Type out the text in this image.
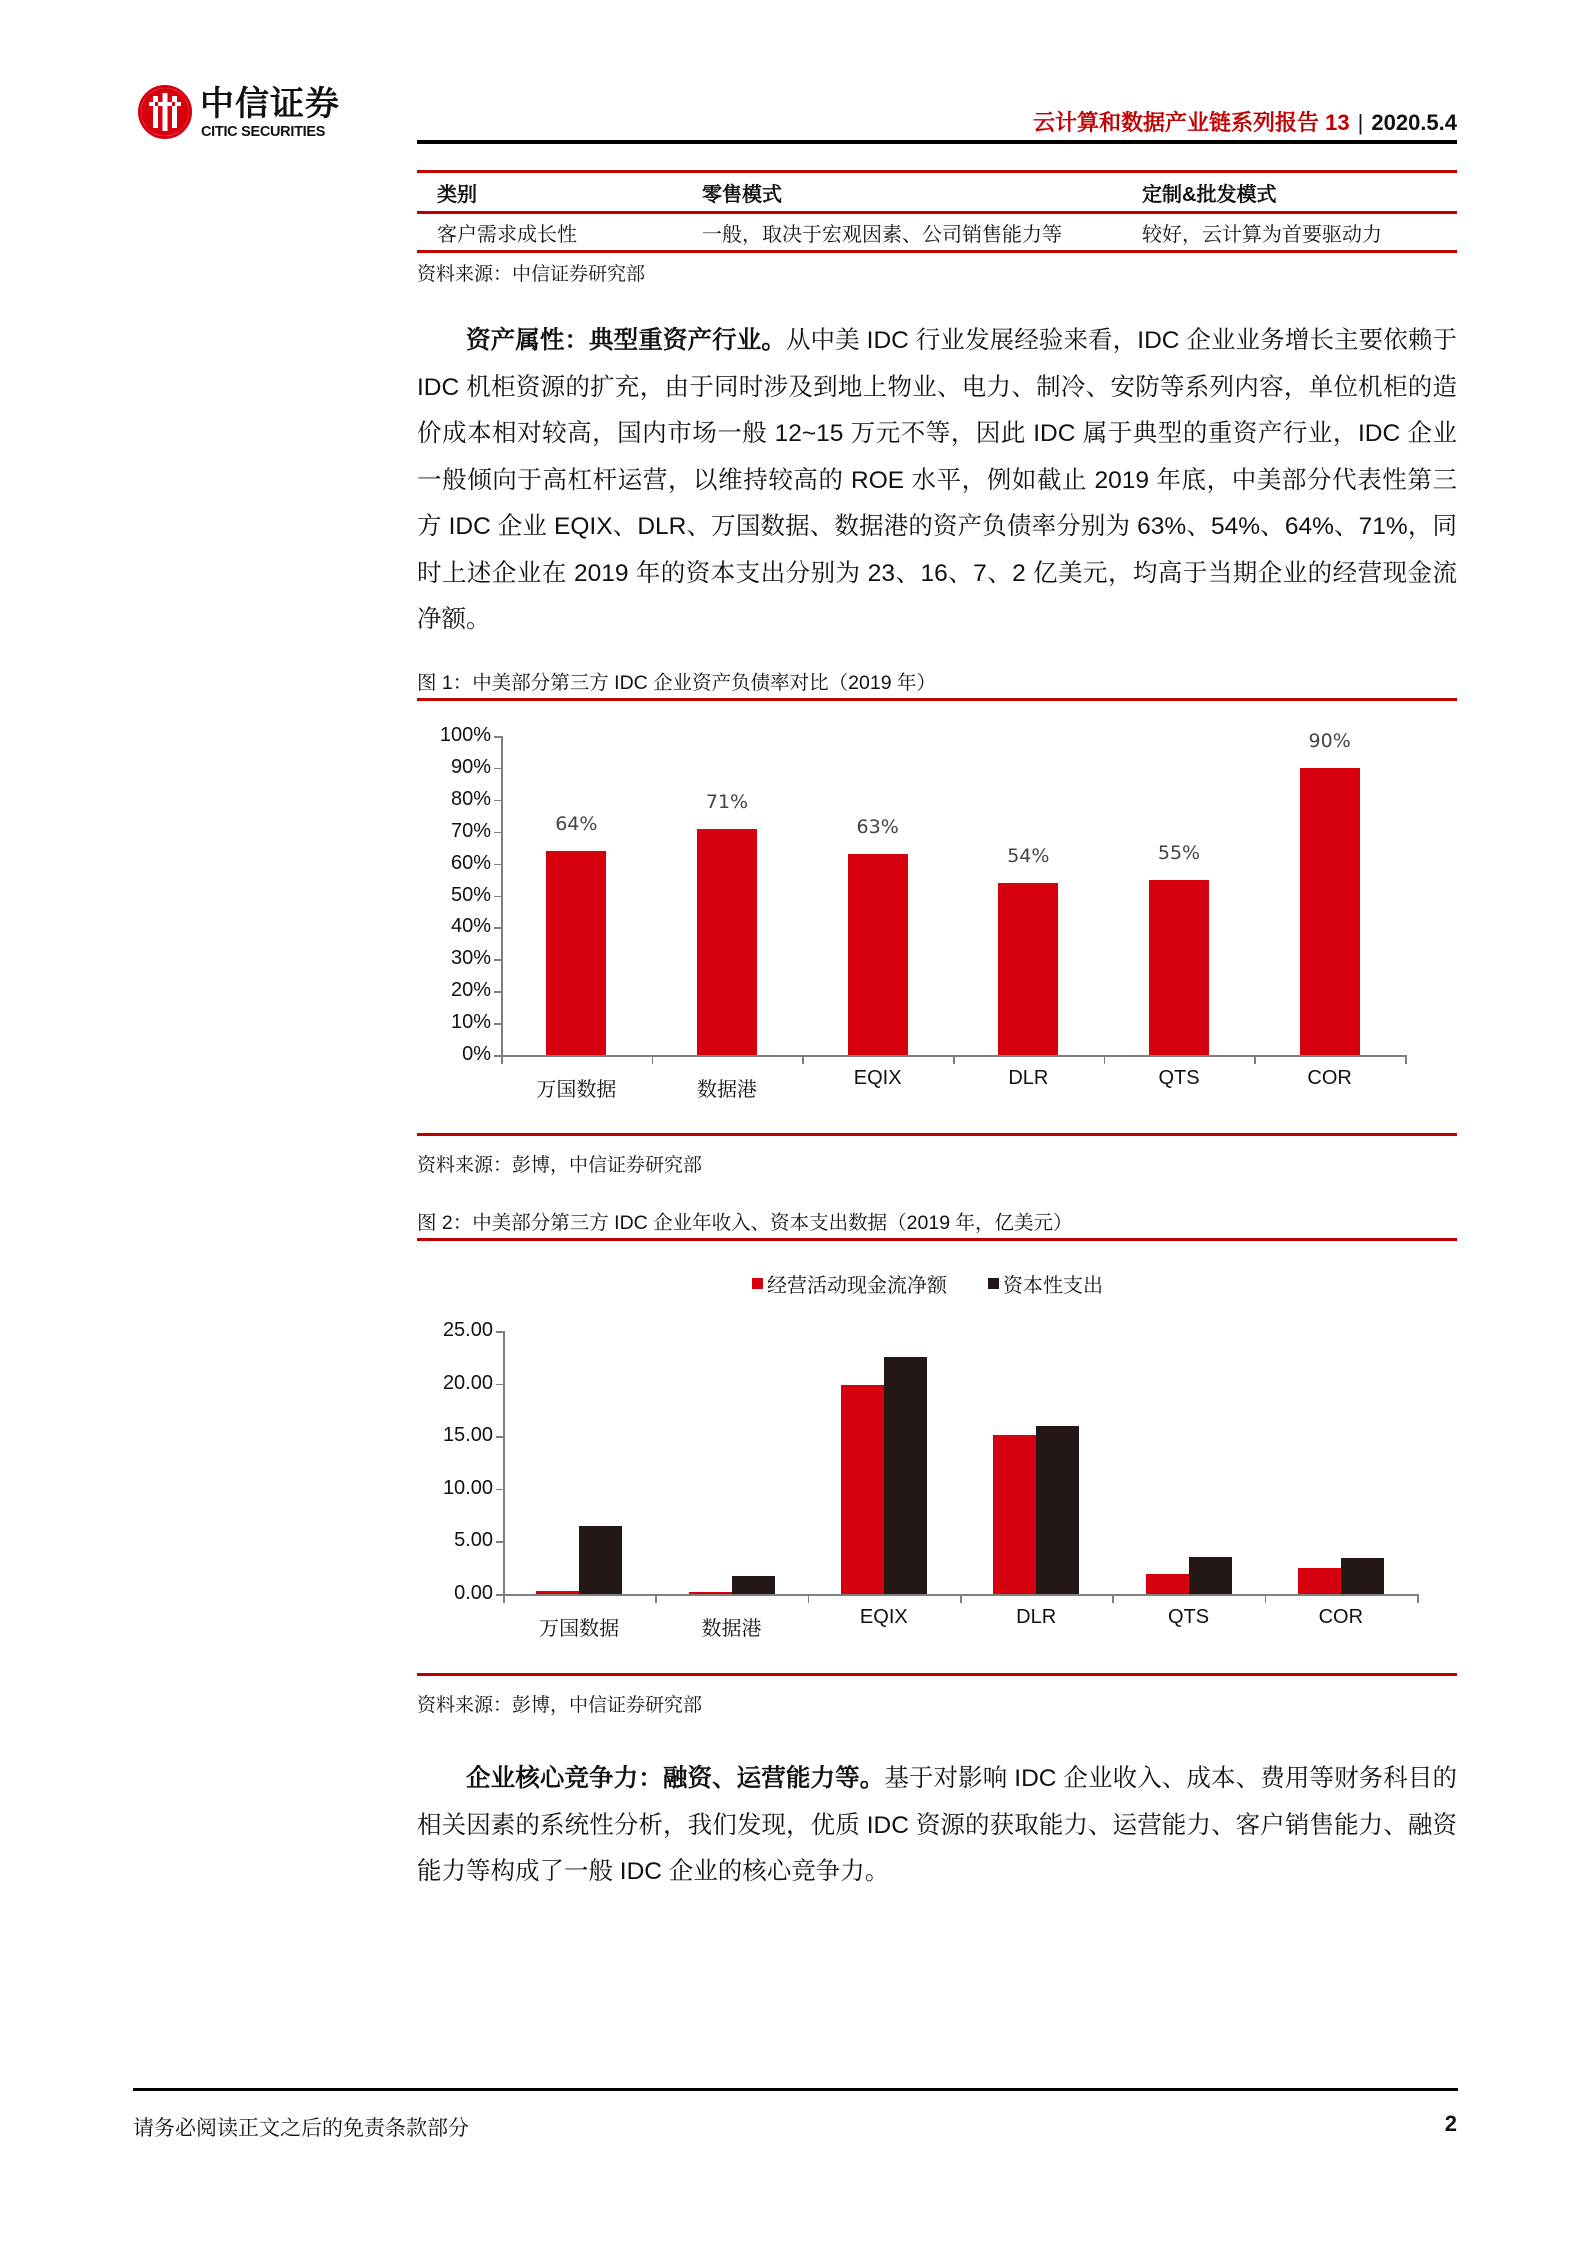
中信证券
CITIC SECURITIES	云计算和数据产业链系列报告 13 | 2020.5.4
类别	零售模式	定制&批发模式
客户需求成长性	一般，取决于宏观因素、公司销售能力等	较好，云计算为首要驱动力
资料来源：中信证券研究部

资产属性：典型重资产行业。从中美 IDC 行业发展经验来看，IDC 企业业务增长主要依赖于 IDC 机柜资源的扩充，由于同时涉及到地上物业、电力、制冷、安防等系列内容，单位机柜的造价成本相对较高，国内市场一般 12~15 万元不等，因此 IDC 属于典型的重资产行业，IDC 企业一般倾向于高杠杆运营，以维持较高的 ROE 水平，例如截止 2019 年底，中美部分代表性第三方 IDC 企业 EQIX、DLR、万国数据、数据港的资产负债率分别为 63%、54%、64%、71%，同时上述企业在 2019 年的资本支出分别为 23、16、7、2 亿美元，均高于当期企业的经营现金流净额。

图 1：中美部分第三方 IDC 企业资产负债率对比（2019 年）
0%
10%
20%
30%
40%
50%
60%
70%
80%
90%
100%
万国数据
64%
数据港
71%
EQIX
63%
DLR
54%
QTS
55%
COR
90%
资料来源：彭博，中信证券研究部
图 2：中美部分第三方 IDC 企业年收入、资本支出数据（2019 年，亿美元）
经营活动现金流净额	资本性支出
0.00
5.00
10.00
15.00
20.00
25.00
万国数据	数据港
EQIX	DLR	QTS	COR
资料来源：彭博，中信证券研究部

企业核心竞争力：融资、运营能力等。基于对影响 IDC 企业收入、成本、费用等财务科目的相关因素的系统性分析，我们发现，优质 IDC 资源的获取能力、运营能力、客户销售能力、融资能力等构成了一般 IDC 企业的核心竞争力。

请务必阅读正文之后的免责条款部分	2
